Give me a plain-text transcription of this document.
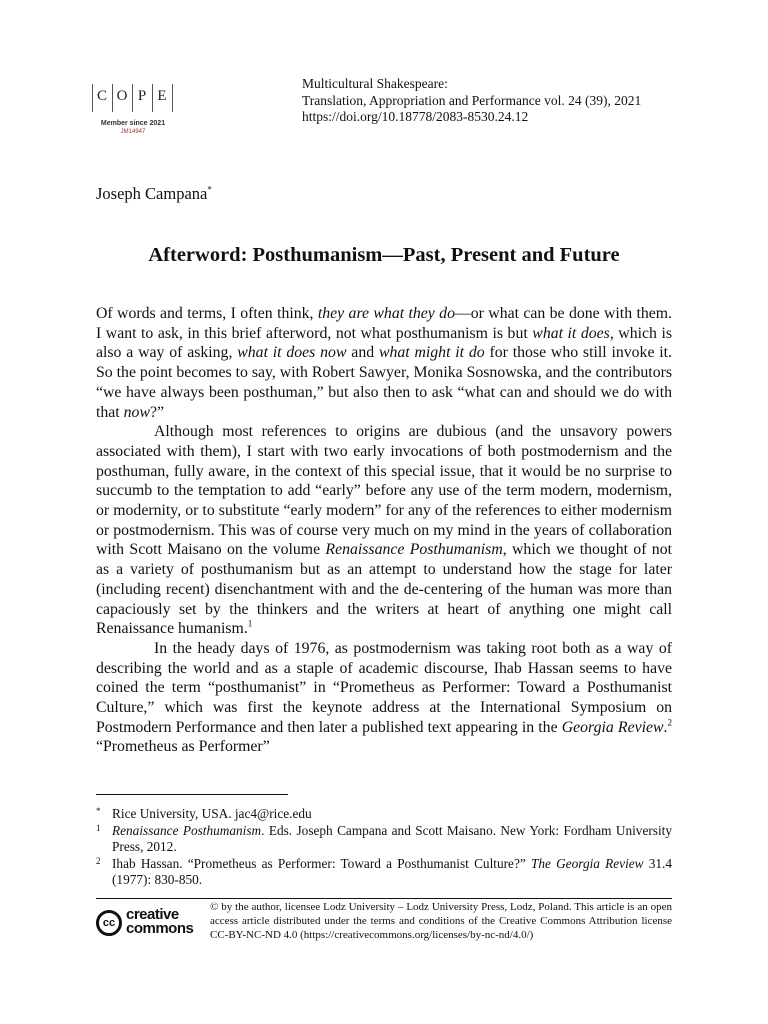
C O P E
Member since 2021
JM14947
Multicultural Shakespeare:
Translation, Appropriation and Performance vol. 24 (39), 2021
https://doi.org/10.18778/2083-8530.24.12
Joseph Campana*
Afterword: Posthumanism—Past, Present and Future

Of words and terms, I often think, they are what they do—or what can be done with them. I want to ask, in this brief afterword, not what posthumanism is but what it does, which is also a way of asking, what it does now and what might it do for those who still invoke it. So the point becomes to say, with Robert Sawyer, Monika Sosnowska, and the contributors “we have always been posthuman,” but also then to ask “what can and should we do with that now?”

Although most references to origins are dubious (and the unsavory powers associated with them), I start with two early invocations of both postmodernism and the posthuman, fully aware, in the context of this special issue, that it would be no surprise to succumb to the temptation to add “early” before any use of the term modern, modernism, or modernity, or to substitute “early modern” for any of the references to either modernism or postmodernism. This was of course very much on my mind in the years of collaboration with Scott Maisano on the volume Renaissance Posthumanism, which we thought of not as a variety of posthumanism but as an attempt to understand how the stage for later (including recent) disenchantment with and the de-centering of the human was more than capaciously set by the thinkers and the writers at heart of anything one might call Renaissance humanism.$^1$

In the heady days of 1976, as postmodernism was taking root both as a way of describing the world and as a staple of academic discourse, Ihab Hassan seems to have coined the term “posthumanist” in “Prometheus as Performer: Toward a Posthumanist Culture,” which was first the keynote address at the International Symposium on Postmodern Performance and then later a published text appearing in the Georgia Review.$^2$ “Prometheus as Performer”

* Rice University, USA. jac4@rice.edu
1 Renaissance Posthumanism. Eds. Joseph Campana and Scott Maisano. New York: Fordham University Press, 2012.
2 Ihab Hassan. “Prometheus as Performer: Toward a Posthumanist Culture?” The Georgia Review 31.4 (1977): 830-850.
cc creative
commons
© by the author, licensee Lodz University – Lodz University Press, Lodz, Poland. This article is an open access article distributed under the terms and conditions of the Creative Commons Attribution license CC-BY-NC-ND 4.0 (https://creativecommons.org/licenses/by-nc-nd/4.0/)
